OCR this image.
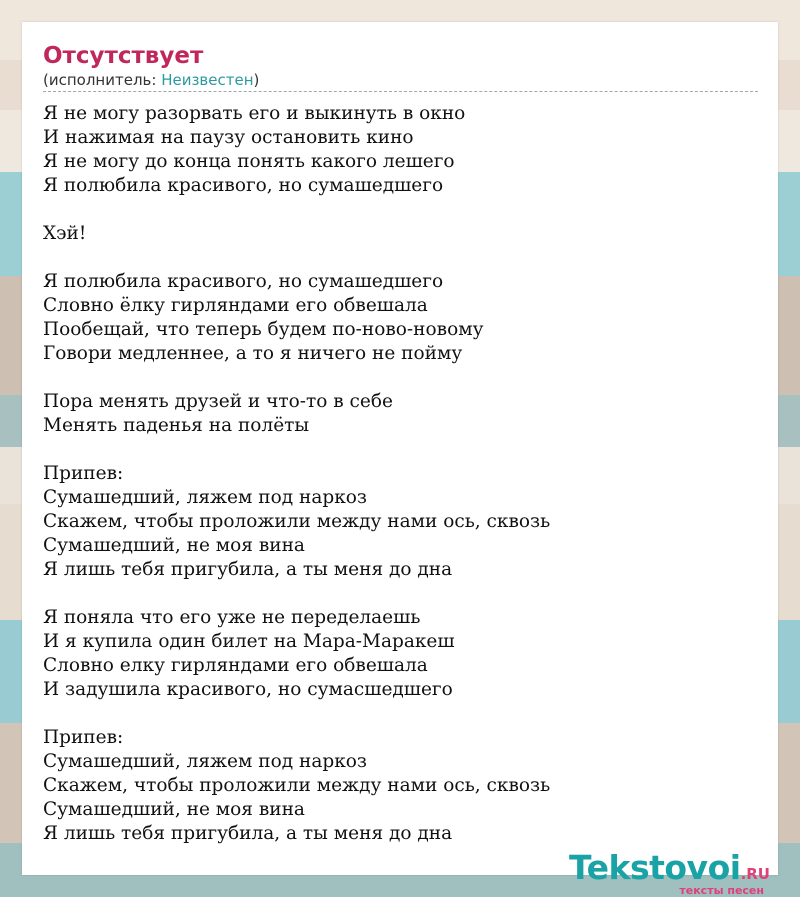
Отсутствует
(исполнитель: Неизвестен)
Я не могу разорвать его и выкинуть в окно
И нажимая на паузу остановить кино
Я не могу до конца понять какого лешего
Я полюбила красивого, но сумашедшего
Хэй!
Я полюбила красивого, но сумашедшего
Словно ёлку гирляндами его обвешала
Пообещай, что теперь будем по-ново-новому
Говори медленнее, а то я ничего не пойму
Пора менять друзей и что-то в себе
Менять паденья на полёты
Припев:
Сумашедший, ляжем под наркоз
Скажем, чтобы проложили между нами ось, сквозь
Сумашедший, не моя вина
Я лишь тебя пригубила, а ты меня до дна
Я поняла что его уже не переделаешь
И я купила один билет на Мара-Маракеш
Словно елку гирляндами его обвешала
И задушила красивого, но сумасшедшего
Припев:
Сумашедший, ляжем под наркоз
Скажем, чтобы проложили между нами ось, сквозь
Сумашедший, не моя вина
Я лишь тебя пригубила, а ты меня до дна
Tekstovoi.RU
тексты песен
